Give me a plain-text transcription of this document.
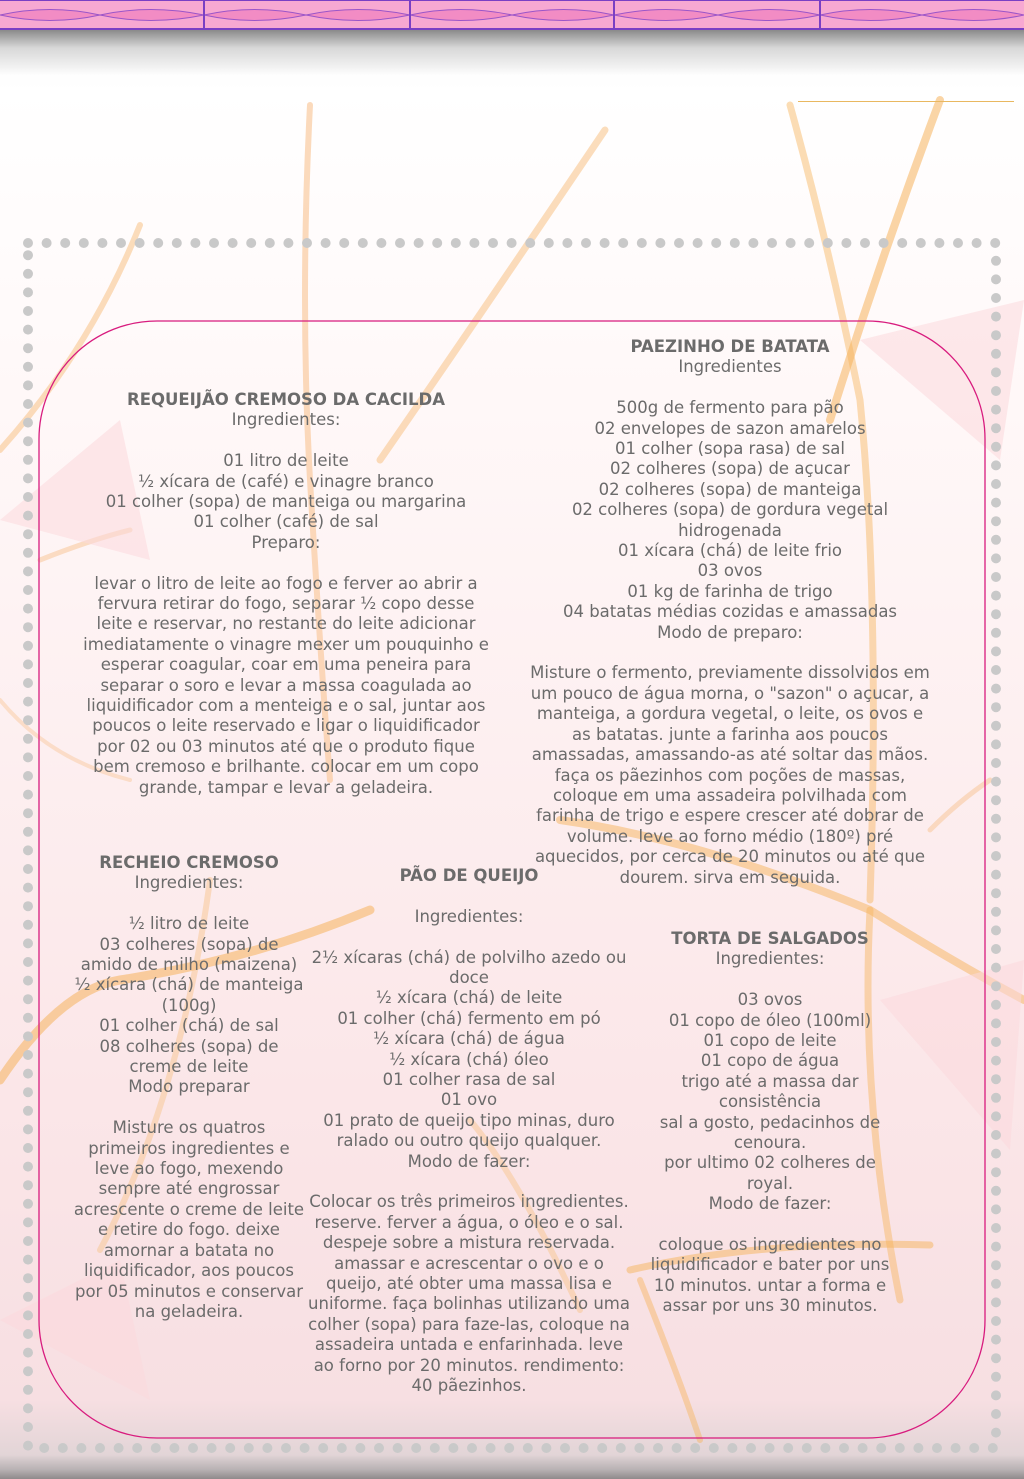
REQUEIJÃO CREMOSO DA CACILDA

Ingredientes:

01 litro de leite
½ xícara de (café) e vinagre branco
01 colher (sopa) de manteiga ou margarina
01 colher (café) de sal

Preparo:

levar o litro de leite ao fogo e ferver ao abrir a fervura retirar do fogo, separar ½ copo desse leite e reservar, no restante do leite adicionar imediatamente o vinagre mexer um pouquinho e esperar coagular, coar em uma peneira para separar o soro e levar a massa coagulada ao liquidificador com a menteiga e o sal, juntar aos poucos o leite reservado e ligar o liquidificador por 02 ou 03 minutos até que o produto fique bem cremoso e brilhante. colocar em um copo grande, tampar e levar a geladeira.

RECHEIO CREMOSO

Ingredientes:

½ litro de leite
03 colheres (sopa) de amido de milho (maizena)
½ xícara (chá) de manteiga (100g)
01 colher (chá) de sal
08 colheres (sopa) de creme de leite

Modo preparar

Misture os quatros primeiros ingredientes e leve ao fogo, mexendo sempre até engrossar acrescente o creme de leite e retire do fogo. deixe amornar a batata no liquidificador, aos poucos por 05 minutos e conservar na geladeira.

PAEZINHO DE BATATA

Ingredientes

500g de fermento para pão
02 envelopes de sazon amarelos
01 colher (sopa rasa) de sal
02 colheres (sopa) de açucar
02 colheres (sopa) de manteiga
02 colheres (sopa) de gordura vegetal hidrogenada
01 xícara (chá) de leite frio
03 ovos
01 kg de farinha de trigo
04 batatas médias cozidas e amassadas

Modo de preparo:

Misture o fermento, previamente dissolvidos em um pouco de água morna, o "sazon" o açucar, a manteiga, a gordura vegetal, o leite, os ovos e as batatas. junte a farinha aos poucos amassadas, amassando-as até soltar das mãos. faça os pãezinhos com poções de massas, coloque em uma assadeira polvilhada com farinha de trigo e espere crescer até dobrar de volume. leve ao forno médio (180º) pré aquecidos, por cerca de 20 minutos ou até que dourem. sirva em seguida.

PÃO DE QUEIJO

Ingredientes:

2½ xícaras (chá) de polvilho azedo ou doce
½ xícara (chá) de leite
01 colher (chá) fermento em pó
½ xícara (chá) de água
½ xícara (chá) óleo
01 colher rasa de sal
01 ovo
01 prato de queijo tipo minas, duro ralado ou outro queijo qualquer.

Modo de fazer:

Colocar os três primeiros ingredientes. reserve. ferver a água, o óleo e o sal. despeje sobre a mistura reservada. amassar e acrescentar o ovo e o queijo, até obter uma massa lisa e uniforme. faça bolinhas utilizando uma colher (sopa) para faze-las, coloque na assadeira untada e enfarinhada. leve ao forno por 20 minutos. rendimento: 40 pãezinhos.

TORTA DE SALGADOS

Ingredientes:

03 ovos
01 copo de óleo (100ml)
01 copo de leite
01 copo de água
trigo até a massa dar consistência
sal a gosto, pedacinhos de cenoura.
por ultimo 02 colheres de royal.

Modo de fazer:

coloque os ingredientes no liquidificador e bater por uns 10 minutos. untar a forma e

assar por uns 30 minutos.
